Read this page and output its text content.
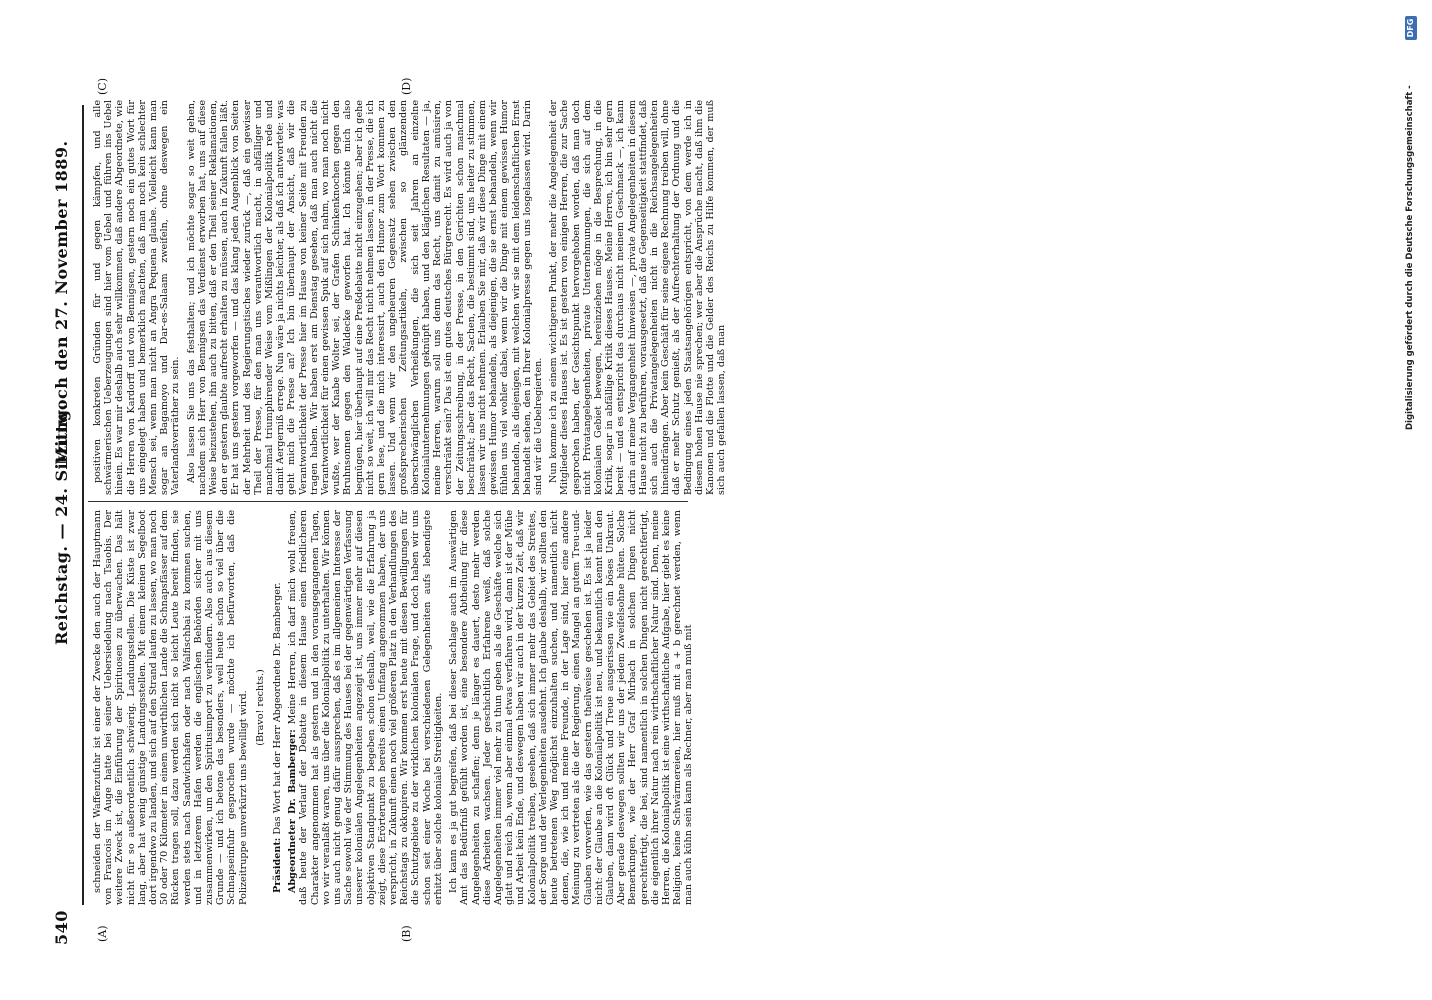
540
Reichstag. — 24. Sitzung.
Mittwoch den 27. November 1889.
(A)	(B)
(C)	(D)

schneiden der Waffenzufuhr ist einer der Zwecke den auch der Hauptmann von Francois im Auge hatte bei seiner Uebersiedelung nach Tsaobis. Der weitere Zweck ist, die Einführung der Spirituosen zu überwachen. Das hält nicht für so außerordentlich schwierig. Landungsstellen. Die Küste ist zwar lang, aber hat wenig günstige Landungsstellen. Mit einem kleinen Segelboot dort irgendwo zu landen, und sich auf den Strand laufen zu lassen, wo man noch 50 oder 70 Kilometer in einem unwirthlichen Lande die Schnapsfässer auf dem Rücken tragen soll, dazu werden sich nicht so leicht Leute bereit finden, sie werden stets nach Sandwichhafen oder nach Walfischbai zu kommen suchen, und in letzterem Hafen werden die englischen Behörden sicher mit uns zusammenwirken, um den Spiritusimport zu verhindern. Also auch aus diesem Grunde — und ich betone das besonders, weil heute schon so viel über die Schnapseinfuhr gesprochen wurde — möchte ich befürworten, daß die Polizeitruppe unverkürzt uns bewilligt wird. (Bravo! rechts.)

Präsident: Das Wort hat der Herr Abgeordnete Dr. Bamberger. Abgeordneter Dr. Bamberger: Meine Herren, ich darf mich wohl freuen, daß heute der Verlauf der Debatte in diesem Hause einen friedlicheren Charakter angenommen hat als gestern und in den vorausgegangenen Tagen, wo wir veranlaßt waren, uns über die Kolonialpolitik zu unterhalten. Wir können uns auch nicht genug dafür aussprechen, daß es im allgemeinen Interesse der Sache sowohl wie der Stimmung des Hauses bei der gegenwärtigen Verfassung unserer kolonialen Angelegenheiten angezeigt ist, uns immer mehr auf diesen objektiven Standpunkt zu begeben schon deshalb, weil, wie die Erfahrung ja zeigt, diese Erörterungen bereits einen Umfang angenommen haben, der uns verspricht, in Zukunft einen noch viel größeren Platz in den Verhandlungen des Reichstags zu okkupiren. Wir kommen erst heute mit diesen Bewilligungen für die Schutzgebiete zu der wirklichen kolonialen Frage, und doch haben wir uns schon seit einer Woche bei verschiedenen Gelegenheiten aufs lebendigste erhitzt über solche koloniale Streitigkeiten. Ich kann es ja gut begreifen, daß bei dieser Sachlage auch im Auswärtigen Amt das Bedürfniß gefühlt worden ist, eine besondere Abtheilung für diese Angelegenheiten zu schaffen; denn je länger es dauert, desto mehr werden diese Arbeiten wachsen. Jeder geschichtlich Erfahrene weiß, daß solche Angelegenheiten immer viel mehr zu thun geben als die Geschäfte welche sich glatt und reich ab, wenn aber einmal etwas verfahren wird, dann ist der Mühe und Arbeit kein Ende, und deswegen haben wir auch in der kurzen Zeit, daß wir Kolonialpolitik treiben, gesehen, daß sich immer mehr das Gebiet des Streites, der Sorge und der Verlegenheiten ausdehnt. Ich glaube deshalb, wir sollten den heute betretenen Weg möglichst einzuhalten suchen, und namentlich nicht denen, die, wie ich und meine Freunde, in der Lage sind, hier eine andere Meinung zu vertreten als die der Regierung, einen Mangel an gutem Treu-und-Glauben vorwerfen, wie das gestern theilweise geschehen ist. Es ist ja leider nicht: der Glaube an die Kolonialpolitik ist neu, und bekanntlich kennt man den Glauben, dann wird oft Glück und Treue ausgerissen wie ein böses Unkraut. Aber gerade deswegen sollten wir uns der jedem Zweifelsohne hüten. Solche Bemerkungen, wie der Herr Graf Mirbach in solchen Dingen nicht gerechtfertigt, die bei, sind namentlich in solchen Dingen nicht gerechtfertigt, die eigentlich ihrer Natur nach rein wirthschaftlicher Natur sind. Denn, meine Herren, die Kolonialpolitik ist eine wirthschaftliche Aufgabe, hier giebt es keine Religion, keine Schwärmereien, hier muß mit a + b gerechnet werden, wenn man auch kühn sein kann als Rechner, aber man muß mit

positiven konkreten Gründen für und gegen kämpfen, und alle schwärmerischen Ueberzeugungen sind hier vom Uebel und führen ins Uebel hinein. Es war mir deshalb auch sehr willkommen, daß andere Abgeordnete, wie die Herren von Kardorff und von Bennigsen, gestern noch ein gutes Wort für uns eingelegt haben und bemerklich machten, daß man noch kein schlechter Mensch sei, wenn man nicht an Angra Pequena glaube. Vielleicht kann man sogar an Bagamoyo und Dar-es-Salaam zweifeln, ohne deswegen ein Vaterlandsverräther zu sein. Also lassen Sie uns das festhalten; und ich möchte sogar so weit gehen, nachdem sich Herr von Bennigsen das Verdienst erworben hat, uns auf diese Weise beizustehen, ihn auch zu bitten, daß er den Theil seiner Reklamationen, den er gestern glaubte aufrecht erhalten zu müssen, auch in Zukunft fallen läßt. Er hat uns gestern vorgeworfen — und das klang jeden Augenblick von Seiten der Mehrheit und des Regierungstisches wieder zurück —, daß ein gewisser Theil der Presse, für den man uns verantwortlich macht, in abfälliger und manchmal triumphirender Weise vom Mißlingen der Kolonialpolitik rede und damit Aergerniß errege. Nun wäre ja nichts leichter, als daß ich antwortete: was geht mich die Presse an? Ich bin überhaupt der Ansicht, daß wir die Verantwortlichkeit der Presse hier im Hause von keiner Seite mit Freuden zu tragen haben. Wir haben erst am Dienstag gesehen, daß man auch nicht die Verantwortlichkeit für einen gewissen Spuk auf sich nahm, wo man noch nicht wußte, wer der Knabe Wolter sei, der Grafen Schinkenknochen gegen den Bruhnsonnen gegen den Waldecke geworfen hat. Ich könnte mich also begnügen, hier überhaupt auf eine Preßdebatte nicht einzugehen; aber ich gehe nicht so weit, ich will mir das Recht nicht nehmen lassen, in der Presse, die ich gern lese, und die mich interessirt, auch den Humor zum Wort kommen zu lassen. Und wenn wir den ungeheuren Gegensatz sehen zwischen den großsprecherischen Zeitungsartikeln, zwischen so glänzenden überschwänglichen Verheißungen, die sich seit Jahren an einzelne Kolonialunternehmungen geknüpft haben, und den kläglichen Resultaten — ja, meine Herren, warum soll uns denn das Recht, uns damit zu amüsiren, verschränkt sein? Das ist ein gutes deutsches Bürgerrecht. Es wird auch ja von der Zeitungsschreibung, in der Presse, in den Gerichten schon manchmal beschränkt; aber das Recht, Sachen, die bestimmt sind, uns heiter zu stimmen, lassen wir uns nicht nehmen. Erlauben Sie mir, daß wir diese Dinge mit einem gewissen Humor behandeln, als diejenigen, die sie ernst behandeln, wenn wir fühlen uns viel wohler dabei, wenn wir die Dinge mit einem gewissen Humor behandeln, als diejenigen, mit welchen wir sie mit dem leidenschaftlichen Ernst behandelt sehen, den in Ihrer Kolonialpresse gegen uns losgelassen wird. Darin sind wir die Uebelregierten. Nun komme ich zu einem wichtigeren Punkt, der mehr die Angelegenheit der Mitglieder dieses Hauses ist. Es ist gestern von einigen Herren, die zur Sache gesprochen haben, der Gesichtspunkt hervorgehoben worden, daß man doch nicht Privatangelegenheiten, private Unternehmungen, die sich auf dem kolonialen Gebiet bewegen, hereinziehen möge in die Besprechung, in die Kritik, sogar in abfällige Kritik dieses Hauses. Meine Herren, ich bin sehr gern bereit — und es entspricht das durchaus nicht meinem Geschmack —, ich kann darin auf meine Vergangenheit hinweisen —, private Angelegenheiten in diesem Hause nicht zu berühren, vorausgesetzt, daß die Gegenseitigkeit stattfindet, daß sich auch die Privatangelegenheiten nicht in die Reichsangelegenheiten hineindrängen. Aber kein Geschäft für seine eigene Rechnung treiben will, ohne daß er mehr Schutz genießt, als der Aufrechterhaltung der Ordnung und die Bedingung eines jeden Staatsangehörigen entspricht, von dem werde ich in diesem hohen Hause nie sprechen; wer aber die Ansprüche macht, daß ihm die Kanonen und die Flotte und die Gelder des Reichs zu Hilfe kommen, der muß sich auch gefallen lassen, daß man	Digitalisierung gefördert durch die Deutsche Forschungsgemeinschaft -
DFG
